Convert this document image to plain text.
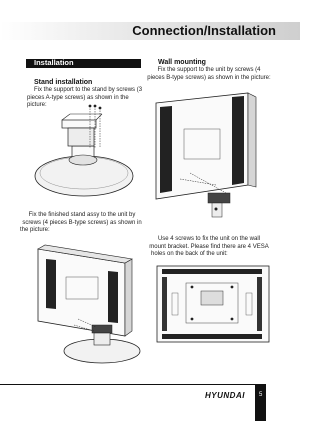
Connection/Installation
Installation
Stand installation
Fix the support to the stand by screws (3
pieces A-type screws) as shown in the picture:
Fix the finished stand assy to the unit by
screws (4 pieces B-type screws) as shown in
the picture:
Wall mounting
Fix the support to the unit by screws (4
pieces B-type screws) as shown in the picture:
Use 4 screws to fix the unit on the wall
mount bracket. Please find there are 4 VESA
holes on the back of the unit:
HYUNDAI 5
